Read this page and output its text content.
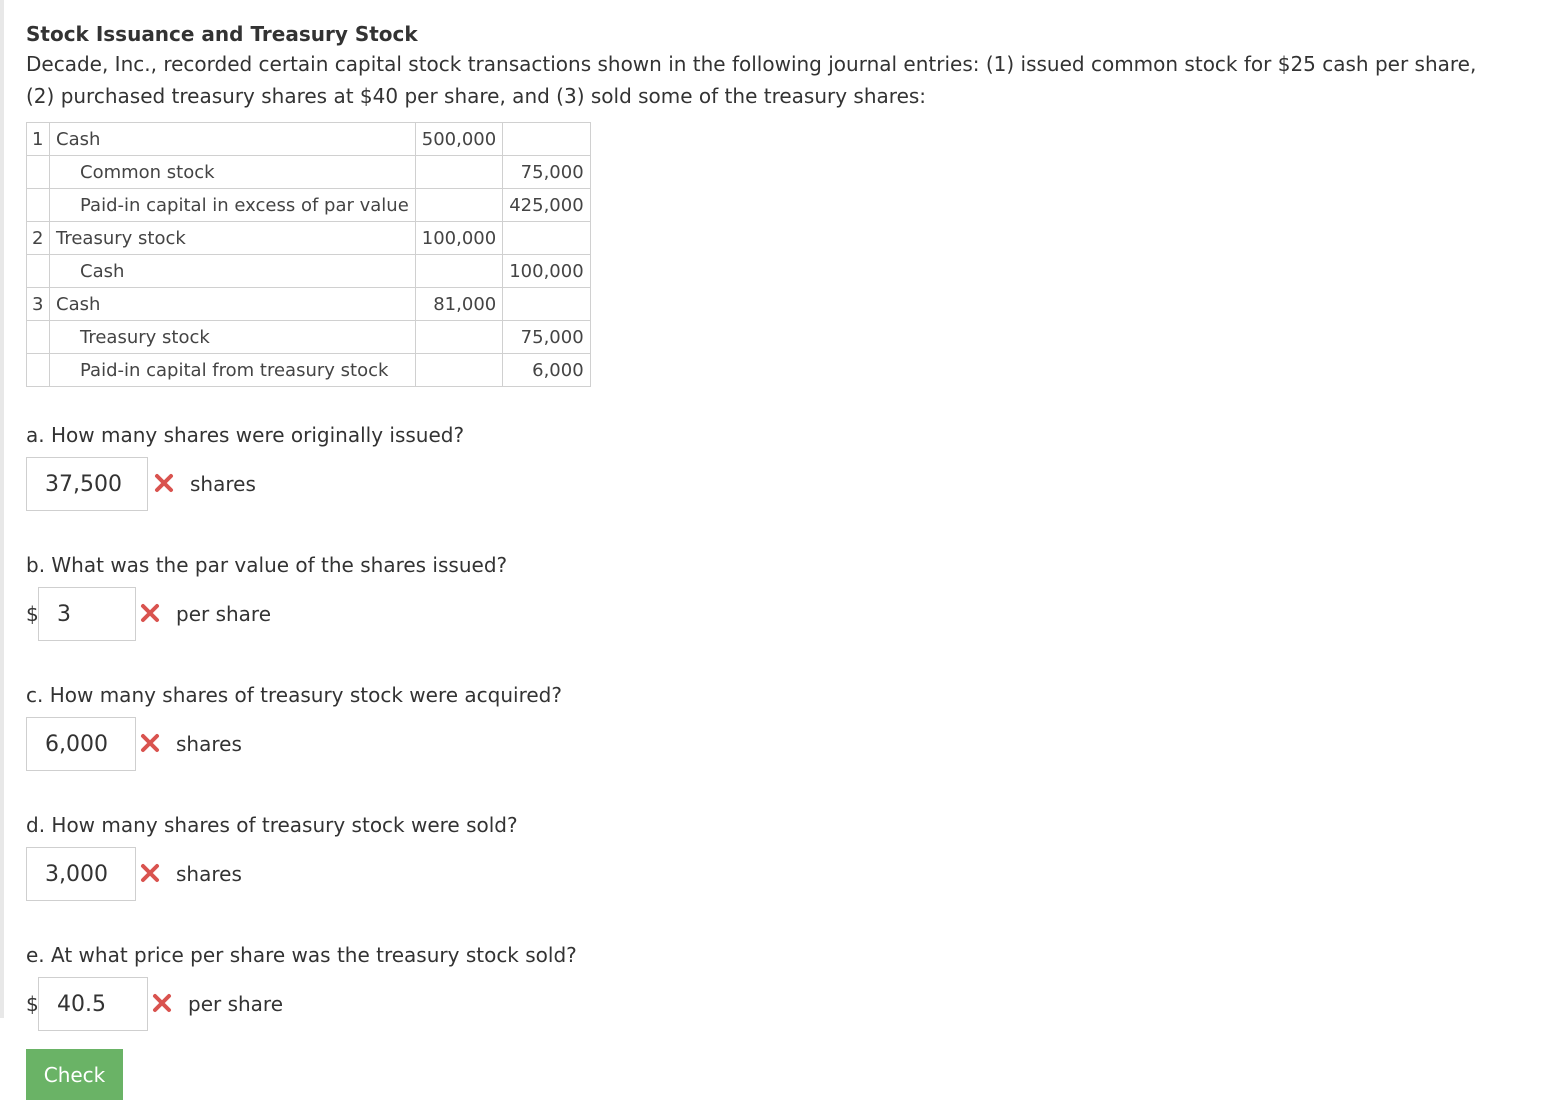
Stock Issuance and Treasury Stock

Decade, Inc., recorded certain capital stock transactions shown in the following journal entries: (1) issued common stock for $25 cash per share, (2) purchased treasury shares at $40 per share, and (3) sold some of the treasury shares:

1	Cash	500,000	
	Common stock		75,000
	Paid-in capital in excess of par value		425,000
2	Treasury stock	100,000	
	Cash		100,000
3	Cash	81,000	
	Treasury stock		75,000
	Paid-in capital from treasury stock		6,000

a. How many shares were originally issued?

37,500	shares

b. What was the par value of the shares issued?

$ 3	per share

c. How many shares of treasury stock were acquired?

6,000	shares

d. How many shares of treasury stock were sold?

3,000	shares

e. At what price per share was the treasury stock sold?

$ 40.5	per share
Check
